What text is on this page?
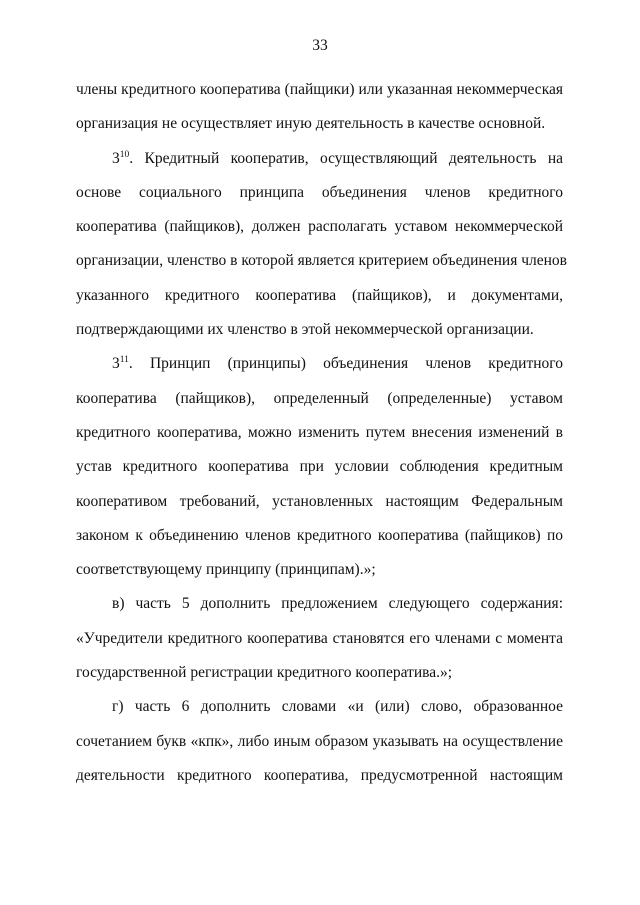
33
члены кредитного кооператива (пайщики) или указанная некоммерческая
организация не осуществляет иную деятельность в качестве основной.
$3^{10}$. Кредитный кооператив, осуществляющий деятельность на
основе социального принципа объединения членов кредитного
кооператива (пайщиков), должен располагать уставом некоммерческой
организации, членство в которой является критерием объединения членов
указанного кредитного кооператива (пайщиков), и документами,
подтверждающими их членство в этой некоммерческой организации.
$3^{11}$. Принцип (принципы) объединения членов кредитного
кооператива (пайщиков), определенный (определенные) уставом
кредитного кооператива, можно изменить путем внесения изменений в
устав кредитного кооператива при условии соблюдения кредитным
кооперативом требований, установленных настоящим Федеральным
законом к объединению членов кредитного кооператива (пайщиков) по
соответствующему принципу (принципам).»;
в) часть 5 дополнить предложением следующего содержания:
«Учредители кредитного кооператива становятся его членами с момента
государственной регистрации кредитного кооператива.»;
г) часть 6 дополнить словами «и (или) слово, образованное
сочетанием букв «кпк», либо иным образом указывать на осуществление
деятельности кредитного кооператива, предусмотренной настоящим
